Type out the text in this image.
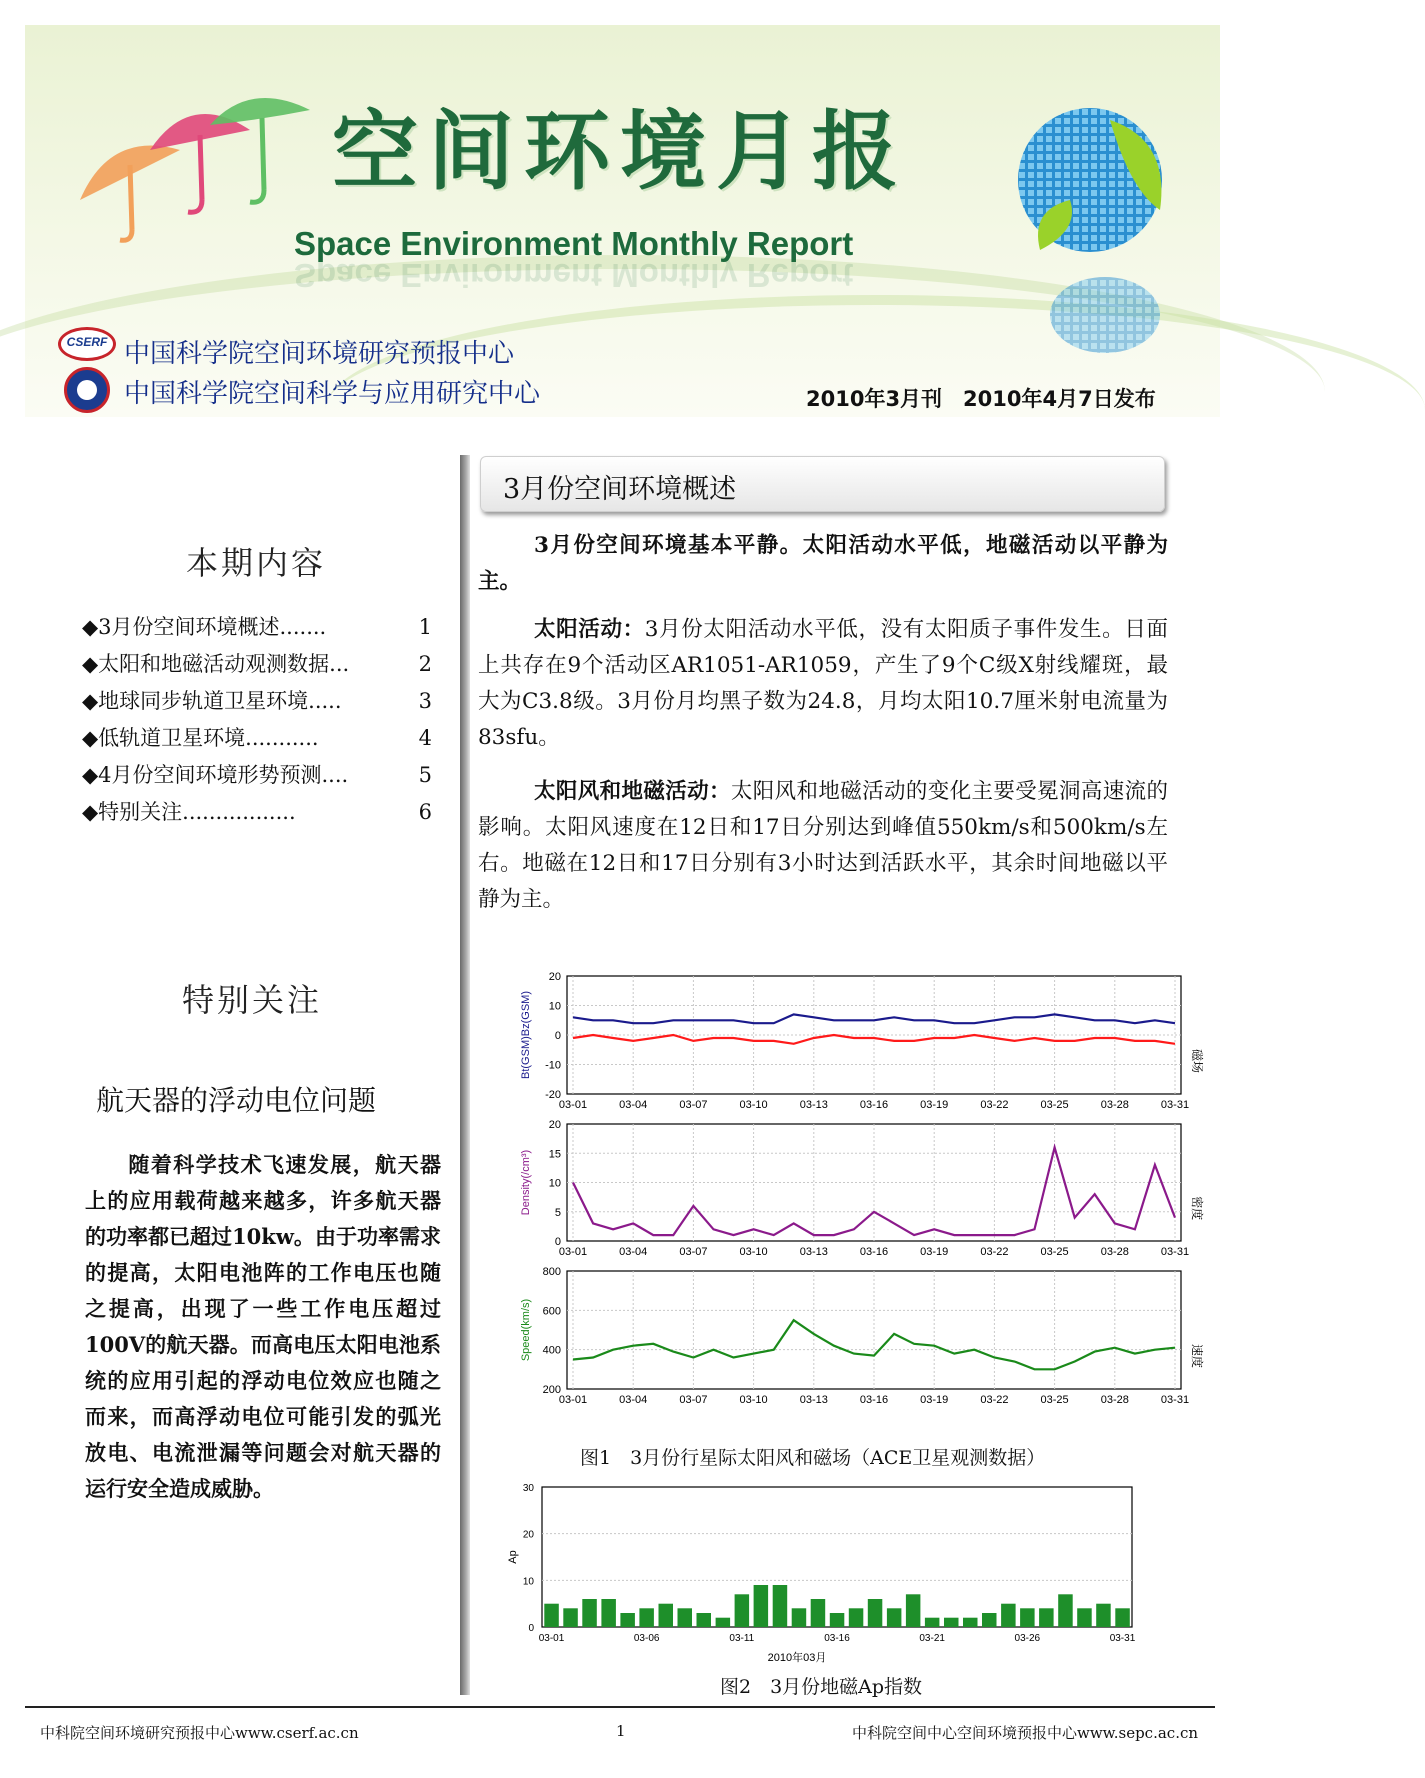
空间环境月报
Space Environment Monthly Report
Space Environment Monthly Report
CSERF 中国科学院空间环境研究预报中心
中国科学院空间科学与应用研究中心	2010年3月刊　2010年4月7日发布
本期内容
◆3月份空间环境概述.......	1
◆太阳和地磁活动观测数据...	2
◆地球同步轨道卫星环境.....	3
◆低轨道卫星环境...........	4
◆4月份空间环境形势预测....	5
◆特别关注.................	6
特别关注
航天器的浮动电位问题

随着科学技术飞速发展，航天器上的应用载荷越来越多，许多航天器的功率都已超过10kw。由于功率需求的提高，太阳电池阵的工作电压也随之提高，出现了一些工作电压超过100V的航天器。而高电压太阳电池系统的应用引起的浮动电位效应也随之而来，而高浮动电位可能引发的弧光放电、电流泄漏等问题会对航天器的运行安全造成威胁。

3月份空间环境概述

3月份空间环境基本平静。太阳活动水平低，地磁活动以平静为主。

太阳活动：3月份太阳活动水平低，没有太阳质子事件发生。日面上共存在9个活动区AR1051-AR1059，产生了9个C级X射线耀斑，最大为C3.8级。3月份月均黑子数为24.8，月均太阳10.7厘米射电流量为83sfu。

太阳风和地磁活动：太阳风和地磁活动的变化主要受冕洞高速流的影响。太阳风速度在12日和17日分别达到峰值550km/s和500km/s左右。地磁在12日和17日分别有3小时达到活跃水平，其余时间地磁以平静为主。

20
10
0
-10
-20
03-01	03-04	03-07	03-10	03-13	03-16	03-19	03-22	03-25	03-28	03-31
Bt(GSM)Bz(GSM)	磁场
20
15
10
5
0
03-01	03-04	03-07	03-10	03-13	03-16	03-19	03-22	03-25	03-28	03-31
Density(/cm³)	密度
800
600
400
200
03-01	03-04	03-07	03-10	03-13	03-16	03-19	03-22	03-25	03-28	03-31
Speed(km/s)	速度
图1　3月份行星际太阳风和磁场（ACE卫星观测数据）
30
20
10
0
03-01	03-06	03-11	03-16	03-21	03-26	03-31
2010年03月
Ap
图2　3月份地磁Ap指数
中科院空间环境研究预报中心www.cserf.ac.cn	1	中科院空间中心空间环境预报中心www.sepc.ac.cn
